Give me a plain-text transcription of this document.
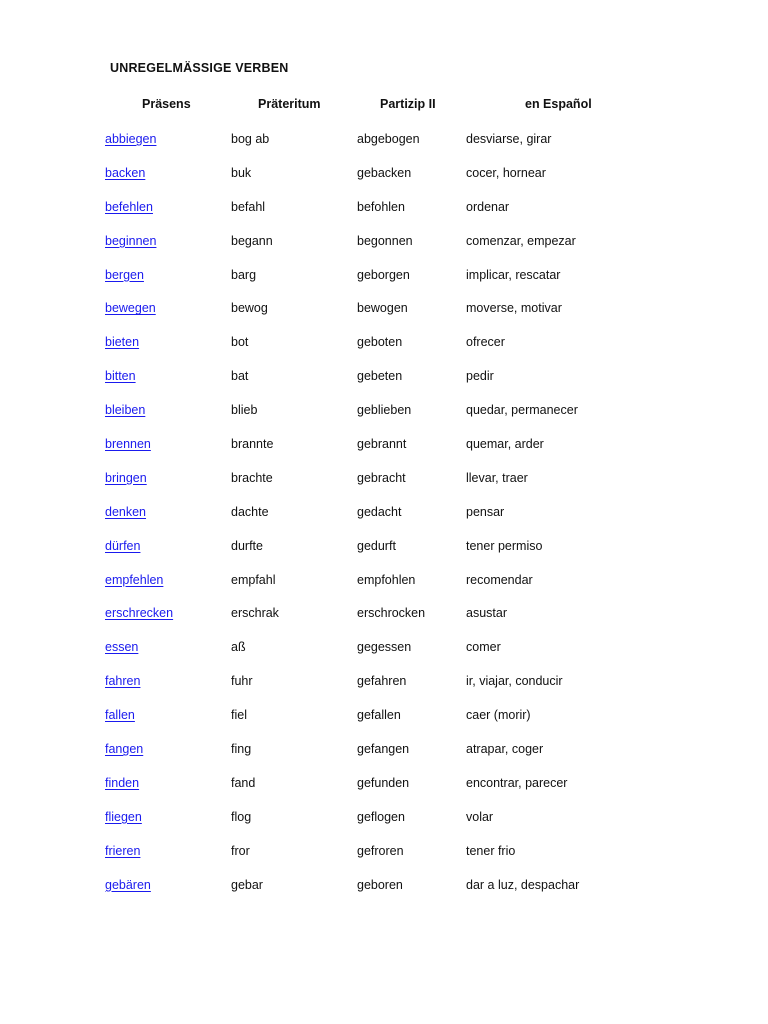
UNREGELMÄSSIGE VERBEN
Präsens	Präteritum	Partizip II	en Español
abbiegen	bog ab	abgebogen	desviarse, girar
backen	buk	gebacken	cocer, hornear
befehlen	befahl	befohlen	ordenar
beginnen	begann	begonnen	comenzar, empezar
bergen	barg	geborgen	implicar, rescatar
bewegen	bewog	bewogen	moverse, motivar
bieten	bot	geboten	ofrecer
bitten	bat	gebeten	pedir
bleiben	blieb	geblieben	quedar, permanecer
brennen	brannte	gebrannt	quemar, arder
bringen	brachte	gebracht	llevar, traer
denken	dachte	gedacht	pensar
dürfen	durfte	gedurft	tener permiso
empfehlen	empfahl	empfohlen	recomendar
erschrecken	erschrak	erschrocken	asustar
essen	aß	gegessen	comer
fahren	fuhr	gefahren	ir, viajar, conducir
fallen	fiel	gefallen	caer (morir)
fangen	fing	gefangen	atrapar, coger
finden	fand	gefunden	encontrar, parecer
fliegen	flog	geflogen	volar
frieren	fror	gefroren	tener frio
gebären	gebar	geboren	dar a luz, despachar
